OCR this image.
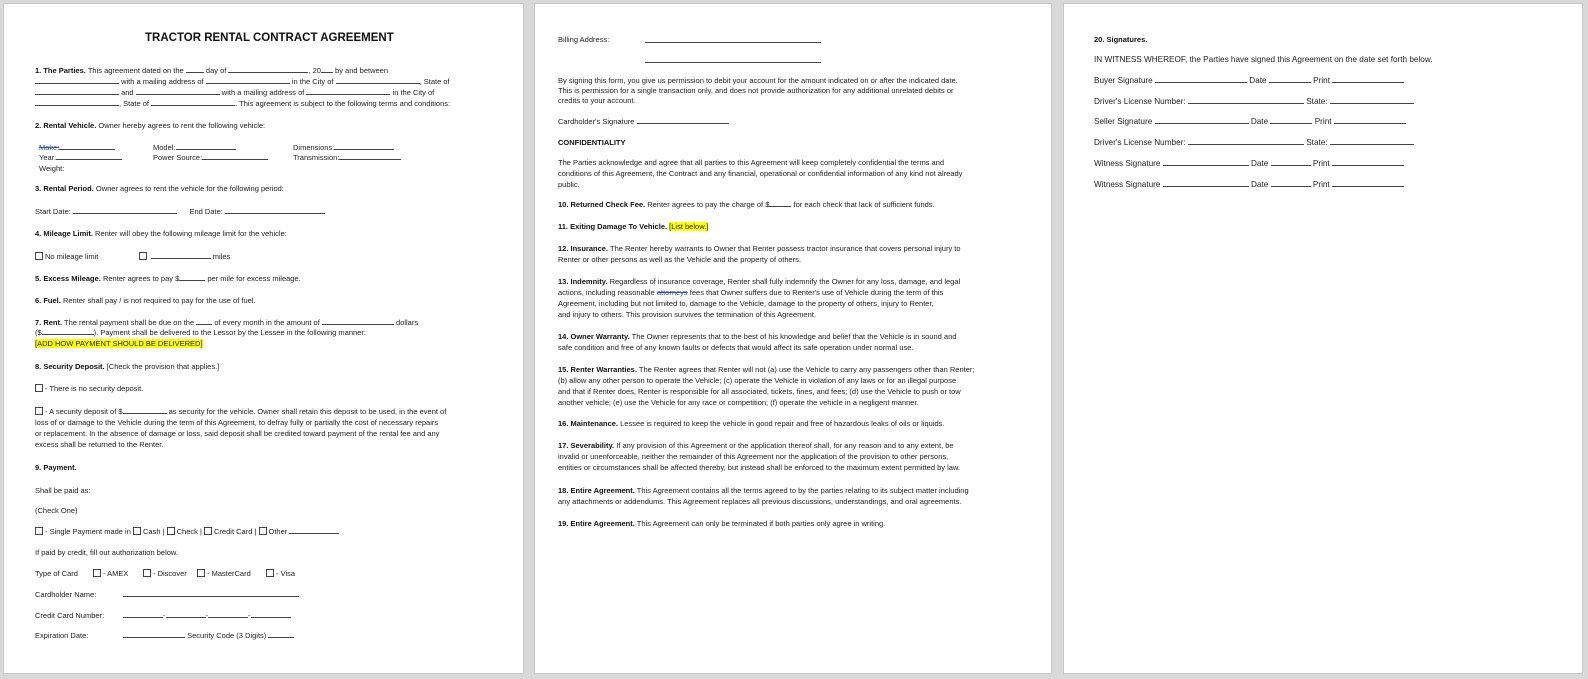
TRACTOR RENTAL CONTRACT AGREEMENT
1. The Parties. This agreement dated on the	day of	, 20 by and between
with a mailing address of	in the City of	, State of
and	with a mailing address of	in the City of
, State of	. This agreement is subject to the following terms and conditions:
2. Rental Vehicle. Owner hereby agrees to rent the following vehicle:
Make:	Model:	Dimensions:
Year:	Power Source:	Transmission:
Weight:
3. Rental Period. Owner agrees to rent the vehicle for the following period:
Start Date:	End Date:
4. Mileage Limit. Renter will obey the following mileage limit for the vehicle:
No mileage limit	miles
5. Excess Mileage. Renter agrees to pay $	per mile for excess mileage.
6. Fuel. Renter shall pay / is not required to pay for the use of fuel.
7. Rent. The rental payment shall be due on the	of every month in the amount of	dollars
($	). Payment shall be delivered to the Lessor by the Lessee in the following manner:
[ADD HOW PAYMENT SHOULD BE DELIVERED]
8. Security Deposit. [Check the provision that applies.]
- There is no security deposit.
- A security deposit of $	as security for the vehicle. Owner shall retain this deposit to be used, in the event of
loss of or damage to the Vehicle during the term of this Agreement, to defray fully or partially the cost of necessary repairs
or replacement. In the absence of damage or loss, said deposit shall be credited toward payment of the rental fee and any
excess shall be returned to the Renter.
9. Payment.
Shall be paid as:
(Check One)
- Single Payment made in Cash | Check | Credit Card | Other
If paid by credit, fill out authorization below.
Type of Card	- AMEX	- Discover	- MasterCard	- Visa
Cardholder Name:
Credit Card Number:	-	-	-
Expiration Date:	Security Code (3 Digits)
Billing Address:
By signing this form, you give us permission to debit your account for the amount indicated on or after the indicated date.
This is permission for a single transaction only, and does not provide authorization for any additional unrelated debits or
credits to your account.
Cardholder's Signature
CONFIDENTIALITY
The Parties acknowledge and agree that all parties to this Agreement will keep completely confidential the terms and
conditions of this Agreement, the Contract and any financial, operational or confidential information of any kind not already
public.
10. Returned Check Fee. Renter agrees to pay the charge of $	for each check that lack of sufficient funds.
11. Exiting Damage To Vehicle. [List below.]
12. Insurance. The Renter hereby warrants to Owner that Renter possess tractor insurance that covers personal injury to
Renter or other persons as well as the Vehicle and the property of others.
13. Indemnity. Regardless of insurance coverage, Renter shall fully indemnify the Owner for any loss, damage, and legal
actions, including reasonable attorneys fees that Owner suffers due to Renter's use of Vehicle during the term of this
Agreement, including but not limited to, damage to the Vehicle, damage to the property of others, injury to Renter,
and injury to others. This provision survives the termination of this Agreement.
14. Owner Warranty. The Owner represents that to the best of his knowledge and belief that the Vehicle is in sound and
safe condition and free of any known faults or defects that would affect its safe operation under normal use.
15. Renter Warranties. The Renter agrees that Renter will not (a) use the Vehicle to carry any passengers other than Renter;
(b) allow any other person to operate the Vehicle; (c) operate the Vehicle in violation of any laws or for an illegal purpose
and that if Renter does, Renter is responsible for all associated, tickets, fines, and fees; (d) use the Vehicle to push or tow
another vehicle; (e) use the Vehicle for any race or competition; (f) operate the vehicle in a negligent manner.
16. Maintenance. Lessee is required to keep the vehicle in good repair and free of hazardous leaks of oils or liquids.
17. Severability. If any provision of this Agreement or the application thereof shall, for any reason and to any extent, be
invalid or unenforceable, neither the remainder of this Agreement nor the application of the provision to other persons,
entities or circumstances shall be affected thereby, but instead shall be enforced to the maximum extent permitted by law.
18. Entire Agreement. This Agreement contains all the terms agreed to by the parties relating to its subject matter including
any attachments or addendums. This Agreement replaces all previous discussions, understandings, and oral agreements.
19. Entire Agreement. This Agreement can only be terminated if both parties only agree in writing.
20. Signatures.
IN WITNESS WHEREOF, the Parties have signed this Agreement on the date set forth below.
Buyer Signature	Date	Print
Driver's License Number:	State:
Seller Signature	Date	Print
Driver's License Number:	State:
Witness Signature	Date	Print
Witness Signature	Date	Print
